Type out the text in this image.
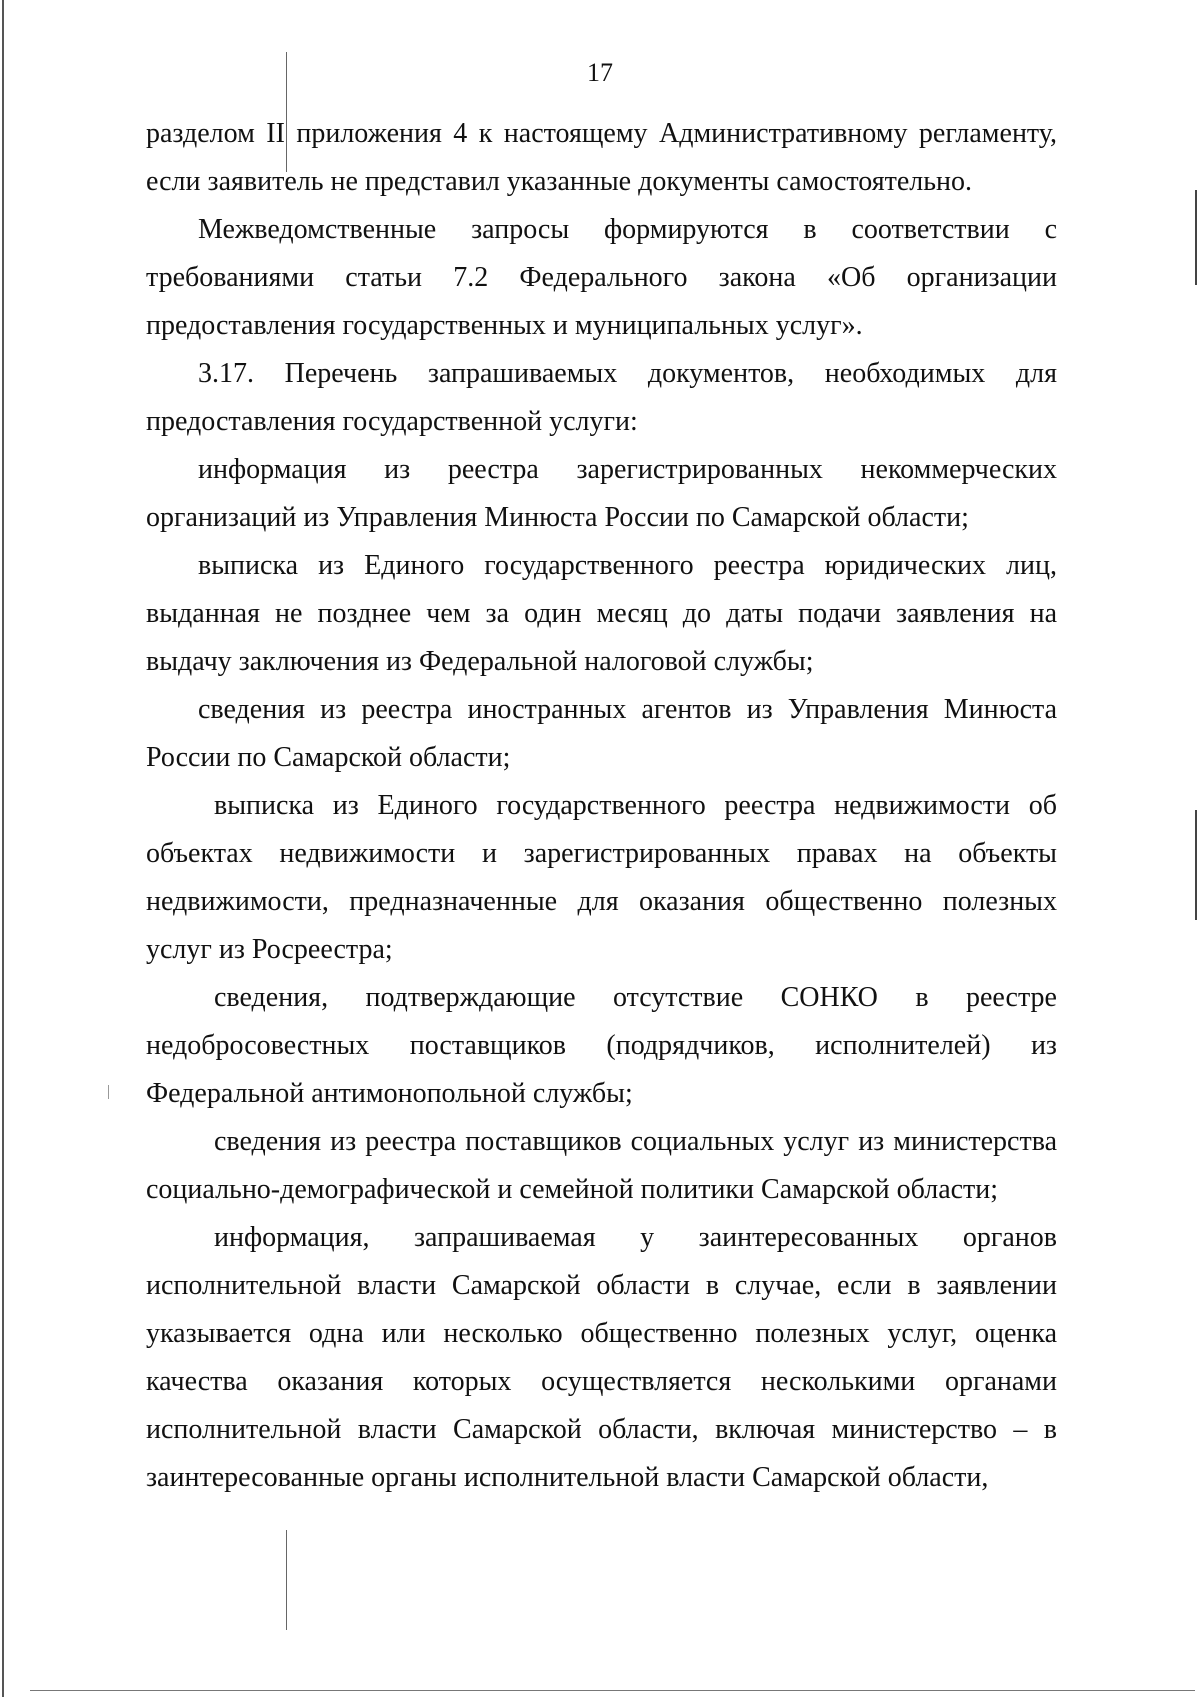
17

разделом II приложения 4 к настоящему Административному регламенту, если заявитель не представил указанные документы самостоятельно.

Межведомственные запросы формируются в соответствии с требованиями статьи 7.2 Федерального закона «Об организации предоставления государственных и муниципальных услуг».

3.17. Перечень запрашиваемых документов, необходимых для предоставления государственной услуги:

информация из реестра зарегистрированных некоммерческих организаций из Управления Минюста России по Самарской области;

выписка из Единого государственного реестра юридических лиц, выданная не позднее чем за один месяц до даты подачи заявления на выдачу заключения из Федеральной налоговой службы;

сведения из реестра иностранных агентов из Управления Минюста России по Самарской области;

выписка из Единого государственного реестра недвижимости об объектах недвижимости и зарегистрированных правах на объекты недвижимости, предназначенные для оказания общественно полезных услуг из Росреестра;

сведения, подтверждающие отсутствие СОНКО в реестре недобросовестных поставщиков (подрядчиков, исполнителей) из Федеральной антимонопольной службы;

сведения из реестра поставщиков социальных услуг из министерства социально-демографической и семейной политики Самарской области;

информация, запрашиваемая у заинтересованных органов исполнительной власти Самарской области в случае, если в заявлении указывается одна или несколько общественно полезных услуг, оценка качества оказания которых осуществляется несколькими органами исполнительной власти Самарской области, включая министерство – в заинтересованные органы исполнительной власти Самарской области,
